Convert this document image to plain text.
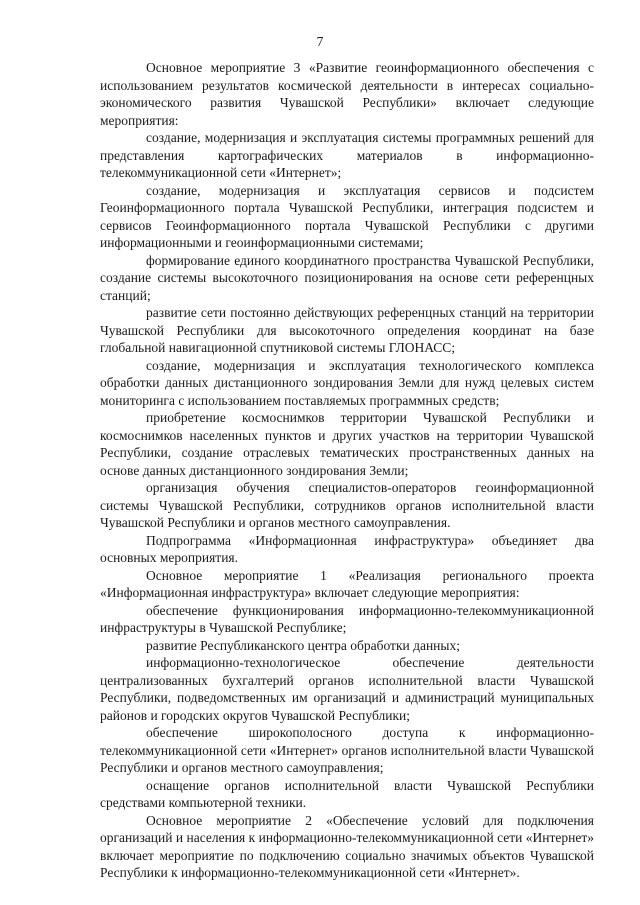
7

Основное мероприятие 3 «Развитие геоинформационного обеспечения с использованием результатов космической деятельности в интересах социально-экономического развития Чувашской Республики» включает следующие мероприятия:

создание, модернизация и эксплуатация системы программных решений для представления картографических материалов в информационно-телекоммуникационной сети «Интернет»;

создание, модернизация и эксплуатация сервисов и подсистем Геоинформационного портала Чувашской Республики, интеграция подсистем и сервисов Геоинформационного портала Чувашской Республики с другими информационными и геоинформационными системами;

формирование единого координатного пространства Чувашской Республики, создание системы высокоточного позиционирования на основе сети референцных станций;

развитие сети постоянно действующих референцных станций на территории Чувашской Республики для высокоточного определения координат на базе глобальной навигационной спутниковой системы ГЛОНАСС;

создание, модернизация и эксплуатация технологического комплекса обработки данных дистанционного зондирования Земли для нужд целевых систем мониторинга с использованием поставляемых программных средств;

приобретение космоснимков территории Чувашской Республики и космоснимков населенных пунктов и других участков на территории Чувашской Республики, создание отраслевых тематических пространственных данных на основе данных дистанционного зондирования Земли;

организация обучения специалистов-операторов геоинформационной системы Чувашской Республики, сотрудников органов исполнительной власти Чувашской Республики и органов местного самоуправления.

Подпрограмма «Информационная инфраструктура» объединяет два основных мероприятия.

Основное мероприятие 1 «Реализация регионального проекта «Информационная инфраструктура» включает следующие мероприятия:

обеспечение функционирования информационно-телекоммуникационной инфраструктуры в Чувашской Республике;

развитие Республиканского центра обработки данных;

информационно-технологическое обеспечение деятельности централизованных бухгалтерий органов исполнительной власти Чувашской Республики, подведомственных им организаций и администраций муниципальных районов и городских округов Чувашской Республики;

обеспечение широкополосного доступа к информационно-телекоммуникационной сети «Интернет» органов исполнительной власти Чувашской Республики и органов местного самоуправления;

оснащение органов исполнительной власти Чувашской Республики средствами компьютерной техники.

Основное мероприятие 2 «Обеспечение условий для подключения организаций и населения к информационно-телекоммуникационной сети «Интернет» включает мероприятие по подключению социально значимых объектов Чувашской Республики к информационно-телекоммуникационной сети «Интернет».
